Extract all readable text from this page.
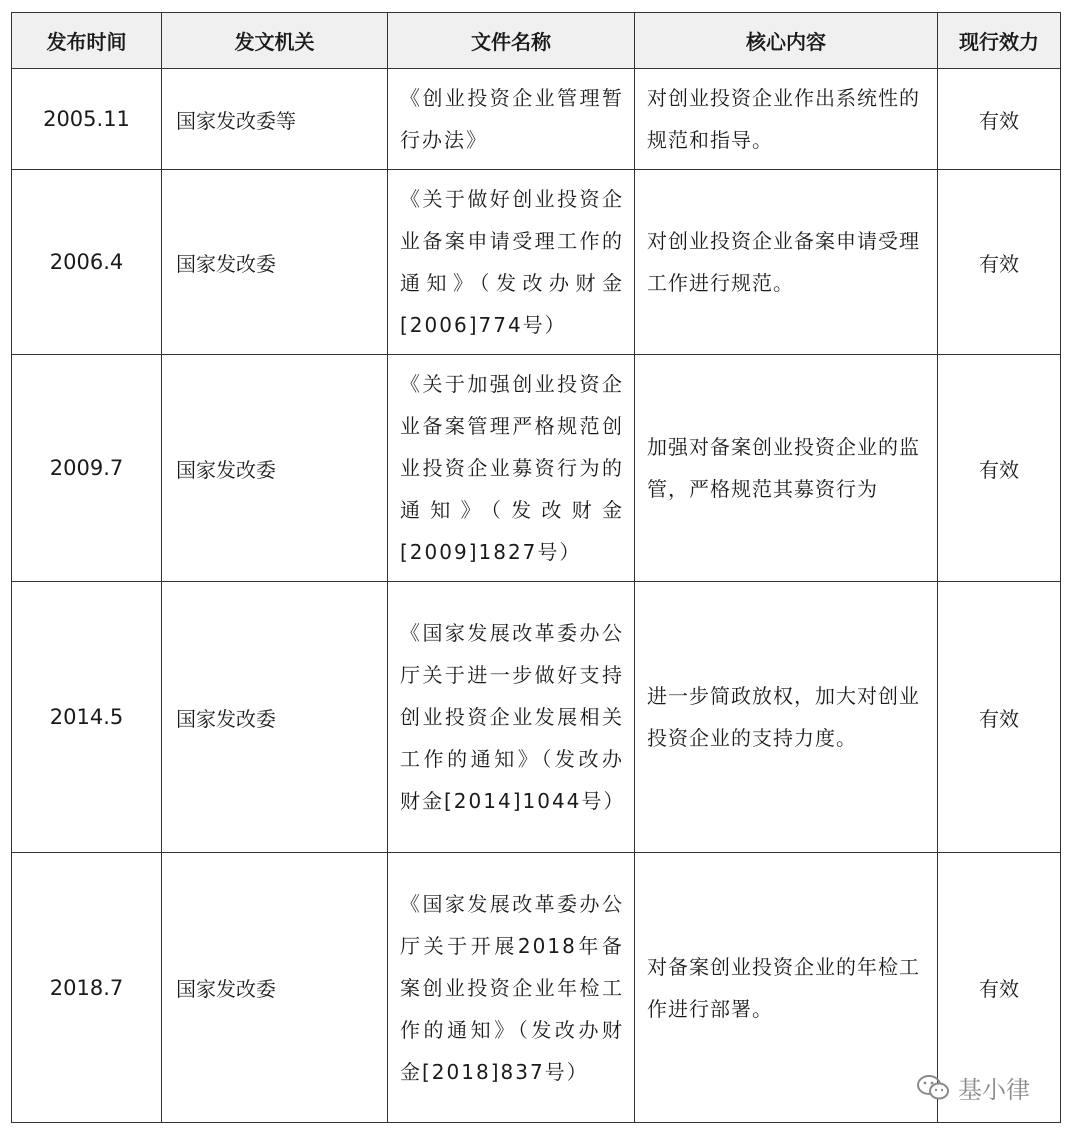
发布时间	发文机关	文件名称	核心内容	现行效力
2005.11	国家发改委等	《创业投资企业管理暂行办法》	对创业投资企业作出系统性的规范和指导。	有效
2006.4	国家发改委	《关于做好创业投资企业备案申请受理工作的通知》（发改办财金[2006]774号）	对创业投资企业备案申请受理工作进行规范。	有效
2009.7	国家发改委	《关于加强创业投资企业备案管理严格规范创业投资企业募资行为的通知》（发改财金[2009]1827号）	加强对备案创业投资企业的监管，严格规范其募资行为	有效
2014.5	国家发改委	《国家发展改革委办公厅关于进一步做好支持创业投资企业发展相关工作的通知》（发改办财金[2014]1044号）	进一步简政放权，加大对创业投资企业的支持力度。	有效
2018.7	国家发改委	《国家发展改革委办公厅关于开展2018年备案创业投资企业年检工作的通知》（发改办财金[2018]837号）	对备案创业投资企业的年检工作进行部署。	有效
基小律
